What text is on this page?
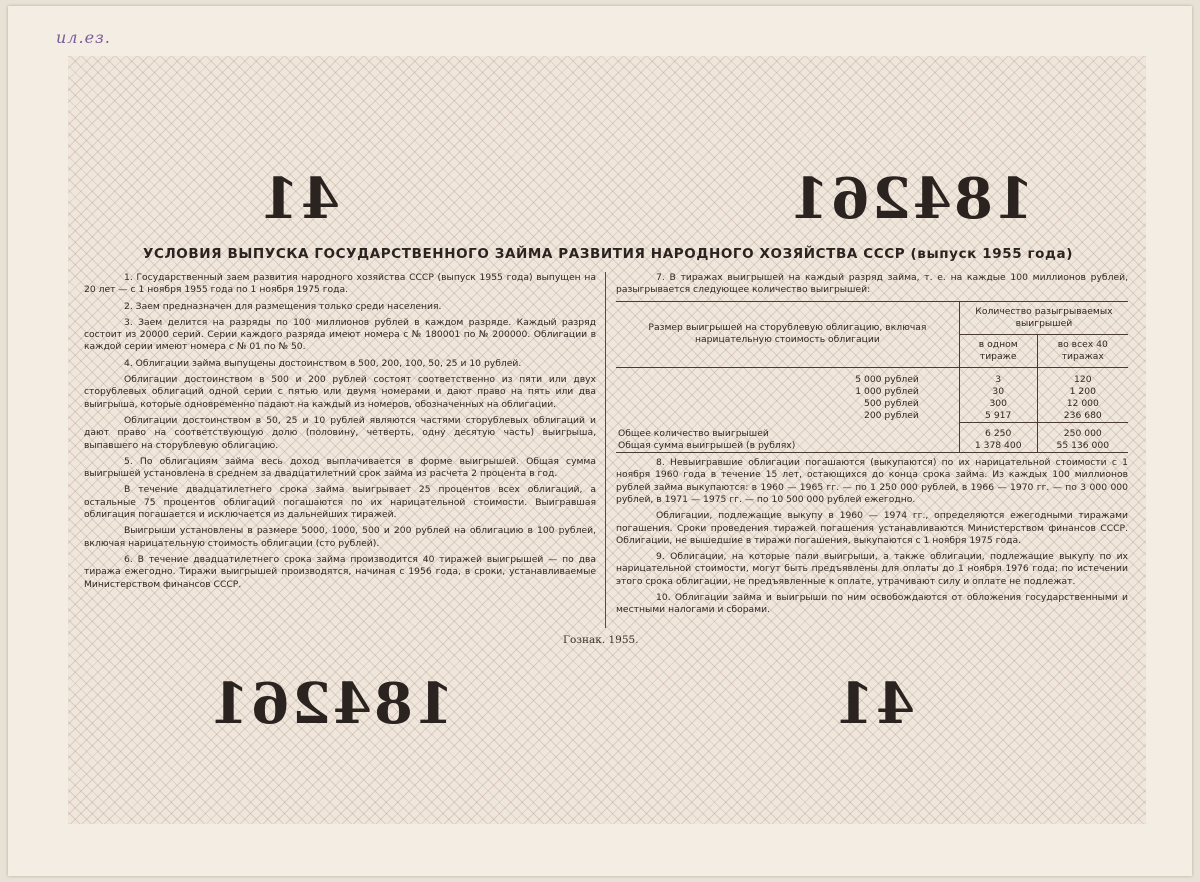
ил.ез.
41	184261
184261	41
УСЛОВИЯ ВЫПУСКА ГОСУДАРСТВЕННОГО ЗАЙМА РАЗВИТИЯ НАРОДНОГО ХОЗЯЙСТВА СССР (выпуск 1955 года)

1. Государственный заем развития народного хозяйства СССР (выпуск 1955 года) выпущен на 20 лет — с 1 ноября 1955 года по 1 ноября 1975 года.

2. Заем предназначен для размещения только среди населения.

3. Заем делится на разряды по 100 миллионов рублей в каждом разряде. Каждый разряд состоит из 20000 серий. Серии каждого разряда имеют номера с № 180001 по № 200000. Облигации в каждой серии имеют номера с № 01 по № 50.

4. Облигации займа выпущены достоинством в 500, 200, 100, 50, 25 и 10 рублей.

Облигации достоинством в 500 и 200 рублей состоят соответственно из пяти или двух сторублевых облигаций одной серии с пятью или двумя номерами и дают право на пять или два выигрыша, которые одновременно падают на каждый из номеров, обозначенных на облигации.

Облигации достоинством в 50, 25 и 10 рублей являются частями сторублевых облигаций и дают право на соответствующую долю (половину, четверть, одну десятую часть) выигрыша, выпавшего на сторублевую облигацию.

5. По облигациям займа весь доход выплачивается в форме выигрышей. Общая сумма выигрышей установлена в среднем за двадцатилетний срок займа из расчета 2 процента в год.

В течение двадцатилетнего срока займа выигрывает 25 процентов всех облигаций, а остальные 75 процентов облигаций погашаются по их нарицательной стоимости. Выигравшая облигация погашается и исключается из дальнейших тиражей.

Выигрыши установлены в размере 5000, 1000, 500 и 200 рублей на облигацию в 100 рублей, включая нарицательную стоимость облигации (сто рублей).

6. В течение двадцатилетнего срока займа производится 40 тиражей выигрышей — по два тиража ежегодно. Тиражи выигрышей производятся, начиная с 1956 года, в сроки, устанавливаемые Министерством финансов СССР.

7. В тиражах выигрышей на каждый разряд займа, т. е. на каждые 100 миллионов рублей, разыгрывается следующее количество выигрышей:

Размер выигрышей на сторублевую облигацию, включая нарицательную стоимость облигации	Количество разыгрываемых выигрышей	
	в одном тираже	во всех 40 тиражах

5 000 рублей	3	120
1 000 рублей	30	1 200
500 рублей	300	12 000
200 рублей	5 917	236 680

Общее количество выигрышей	6 250	250 000
Общая сумма выигрышей (в рублях)	1 378 400	55 136 000

8. Невыигравшие облигации погашаются (выкупаются) по их нарицательной стоимости с 1 ноября 1960 года в течение 15 лет, остающихся до конца срока займа. Из каждых 100 миллионов рублей займа выкупаются: в 1960 — 1965 гг. — по 1 250 000 рублей, в 1966 — 1970 гг. — по 3 000 000 рублей, в 1971 — 1975 гг. — по 10 500 000 рублей ежегодно.

Облигации, подлежащие выкупу в 1960 — 1974 гг., определяются ежегодными тиражами погашения. Сроки проведения тиражей погашения устанавливаются Министерством финансов СССР. Облигации, не вышедшие в тиражи погашения, выкупаются с 1 ноября 1975 года.

9. Облигации, на которые пали выигрыши, а также облигации, подлежащие выкупу по их нарицательной стоимости, могут быть предъявлены для оплаты до 1 ноября 1976 года; по истечении этого срока облигации, не предъявленные к оплате, утрачивают силу и оплате не подлежат.

10. Облигации займа и выигрыши по ним освобождаются от обложения государственными и местными налогами и сборами.

Гознак. 1955.
